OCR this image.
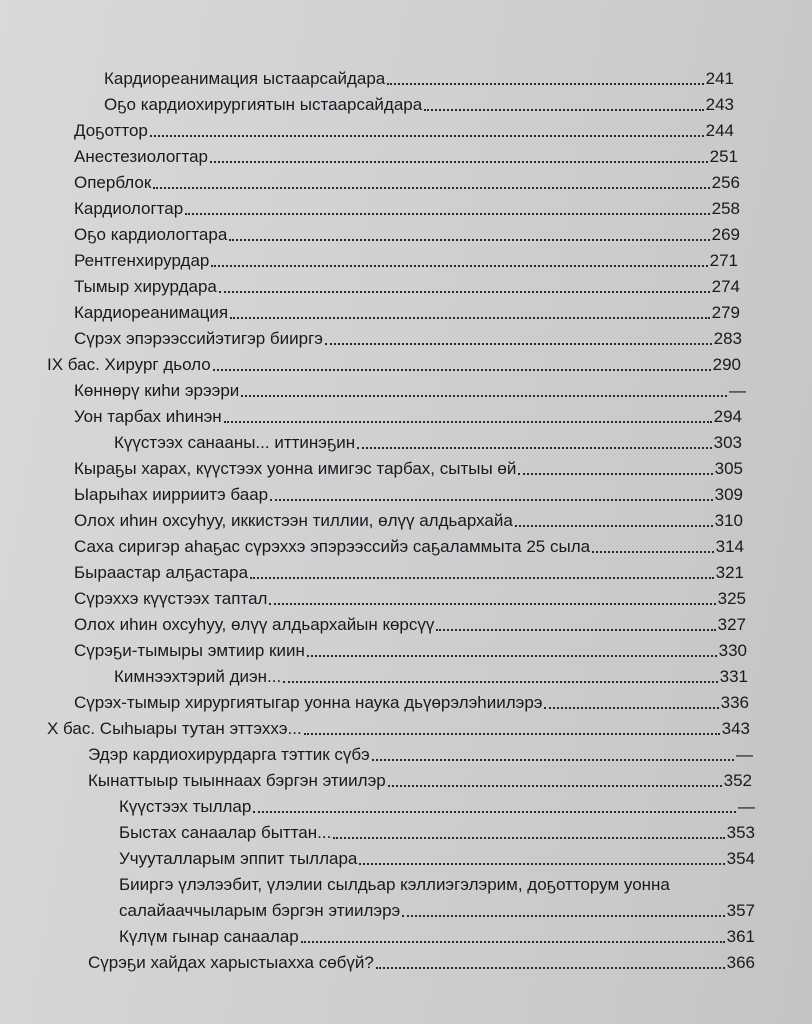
Кардиореанимация ыстаарсайдара	241
Оҕо кардиохирургиятын ыстаарсайдара	243
Доҕоттор	244
Анестезиологтар	251
Оперблок	256
Кардиологтар	258
Оҕо кардиологтара	269
Рентгенхирурдар	271
Тымыр хирурдара	274
Кардиореанимация	279
Сүрэх эпэрээссийэтигэр бииргэ	283
IX бас. Хирург дьоло	290
Көннөрү киһи эрээри	—
Уон тарбах иһинэн	294
Күүстээх санааны... иттинэҕин	303
Кыраҕы харах, күүстээх уонна имигэс тарбах, сытыы өй	305
Ыарыһах иирриитэ баар	309
Олох иһин охсуһуу, иккистээн тиллии, өлүү алдьархайа	310
Саха сиригэр аһаҕас сүрэххэ эпэрээссийэ саҕаламмыта 25 сыла	314
Быраастар алҕастара	321
Сүрэххэ күүстээх таптал	325
Олох иһин охсуһуу, өлүү алдьархайын көрсүү	327
Сүрэҕи-тымыры эмтиир киин	330
Кимнээхтэрий диэн...	331
Сүрэх-тымыр хирургиятыгар уонна наука дьүөрэлэһиилэрэ	336
X бас. Сыһыары тутан эттэххэ...	343
Эдэр кардиохирурдарга тэттик сүбэ	—
Кынаттыыр тыыннаах бэргэн этиилэр	352
Күүстээх тыллар	—
Быстах санаалар быттан...	353
Учууталларым эппит тыллара	354
Бииргэ үлэлээбит, үлэлии сылдьар кэллиэгэлэрим, доҕотторум уонна
салайааччыларым бэргэн этиилэрэ	357
Күлүм гынар санаалар	361
Сүрэҕи хайдах харыстыахха сөбүй?	366
